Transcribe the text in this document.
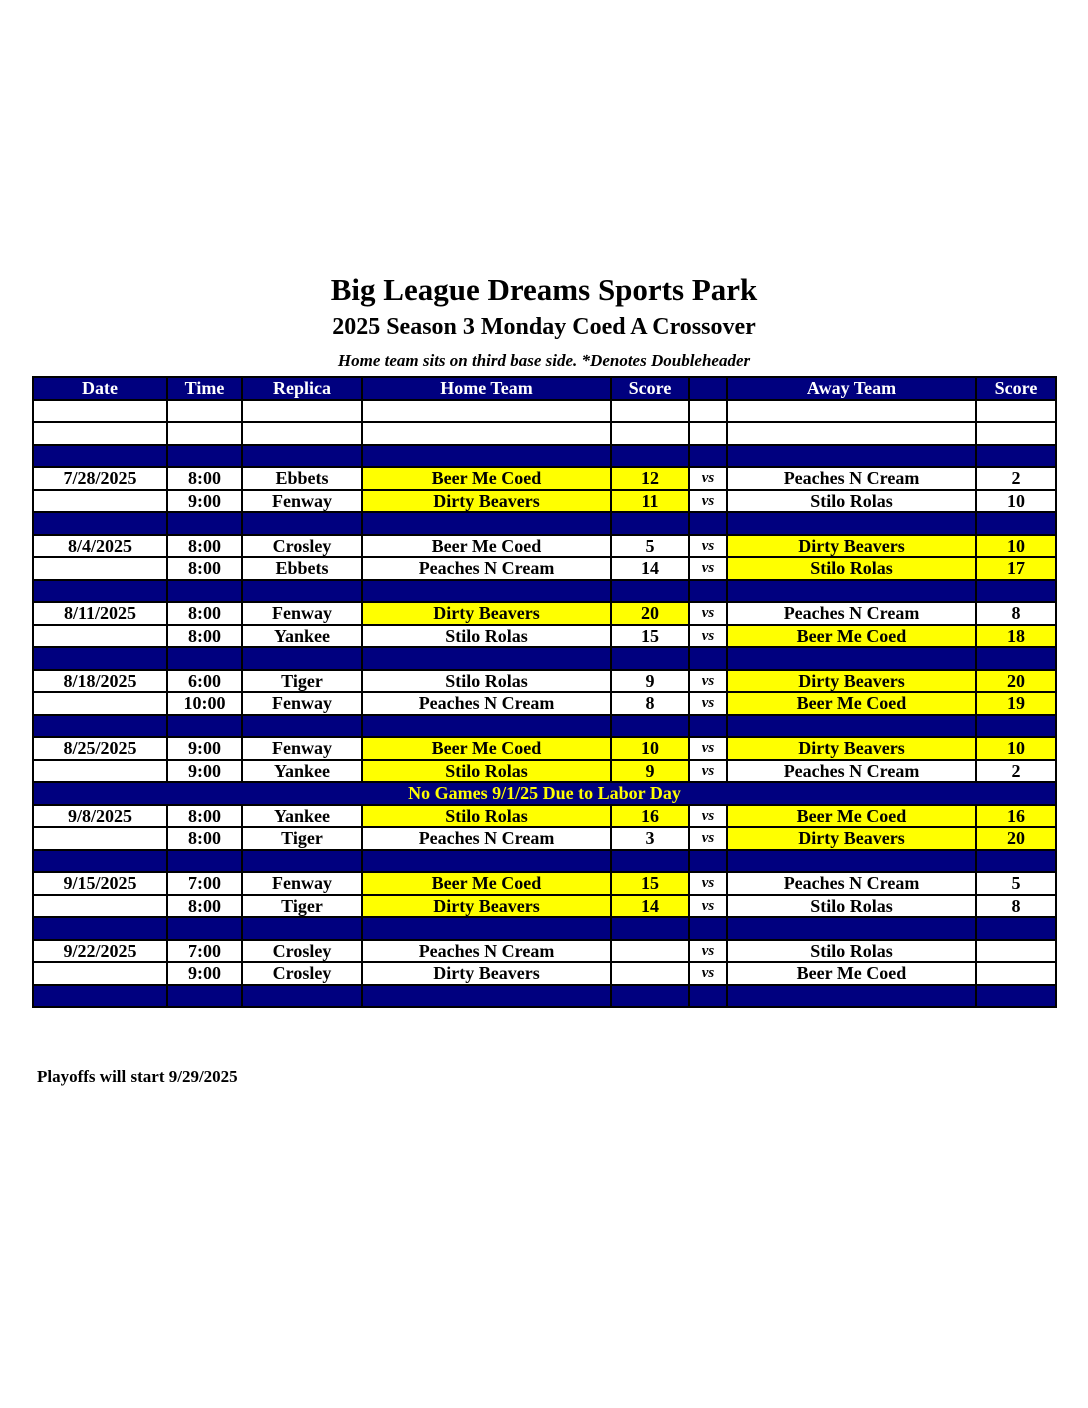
Big League Dreams Sports Park
2025 Season 3 Monday Coed A Crossover
Home team sits on third base side. *Denotes Doubleheader
Date	Time	Replica	Home Team	Score		Away Team	Score

7/28/2025	8:00	Ebbets	Beer Me Coed	12	vs	Peaches N Cream	2
	9:00	Fenway	Dirty Beavers	11	vs	Stilo Rolas	10

8/4/2025	8:00	Crosley	Beer Me Coed	5	vs	Dirty Beavers	10
	8:00	Ebbets	Peaches N Cream	14	vs	Stilo Rolas	17

8/11/2025	8:00	Fenway	Dirty Beavers	20	vs	Peaches N Cream	8
	8:00	Yankee	Stilo Rolas	15	vs	Beer Me Coed	18

8/18/2025	6:00	Tiger	Stilo Rolas	9	vs	Dirty Beavers	20
	10:00	Fenway	Peaches N Cream	8	vs	Beer Me Coed	19

8/25/2025	9:00	Fenway	Beer Me Coed	10	vs	Dirty Beavers	10
	9:00	Yankee	Stilo Rolas	9	vs	Peaches N Cream	2
No Games 9/1/25 Due to Labor Day							
9/8/2025	8:00	Yankee	Stilo Rolas	16	vs	Beer Me Coed	16
	8:00	Tiger	Peaches N Cream	3	vs	Dirty Beavers	20

9/15/2025	7:00	Fenway	Beer Me Coed	15	vs	Peaches N Cream	5
	8:00	Tiger	Dirty Beavers	14	vs	Stilo Rolas	8

9/22/2025	7:00	Crosley	Peaches N Cream		vs	Stilo Rolas	
	9:00	Crosley	Dirty Beavers		vs	Beer Me Coed	

Playoffs will start 9/29/2025
